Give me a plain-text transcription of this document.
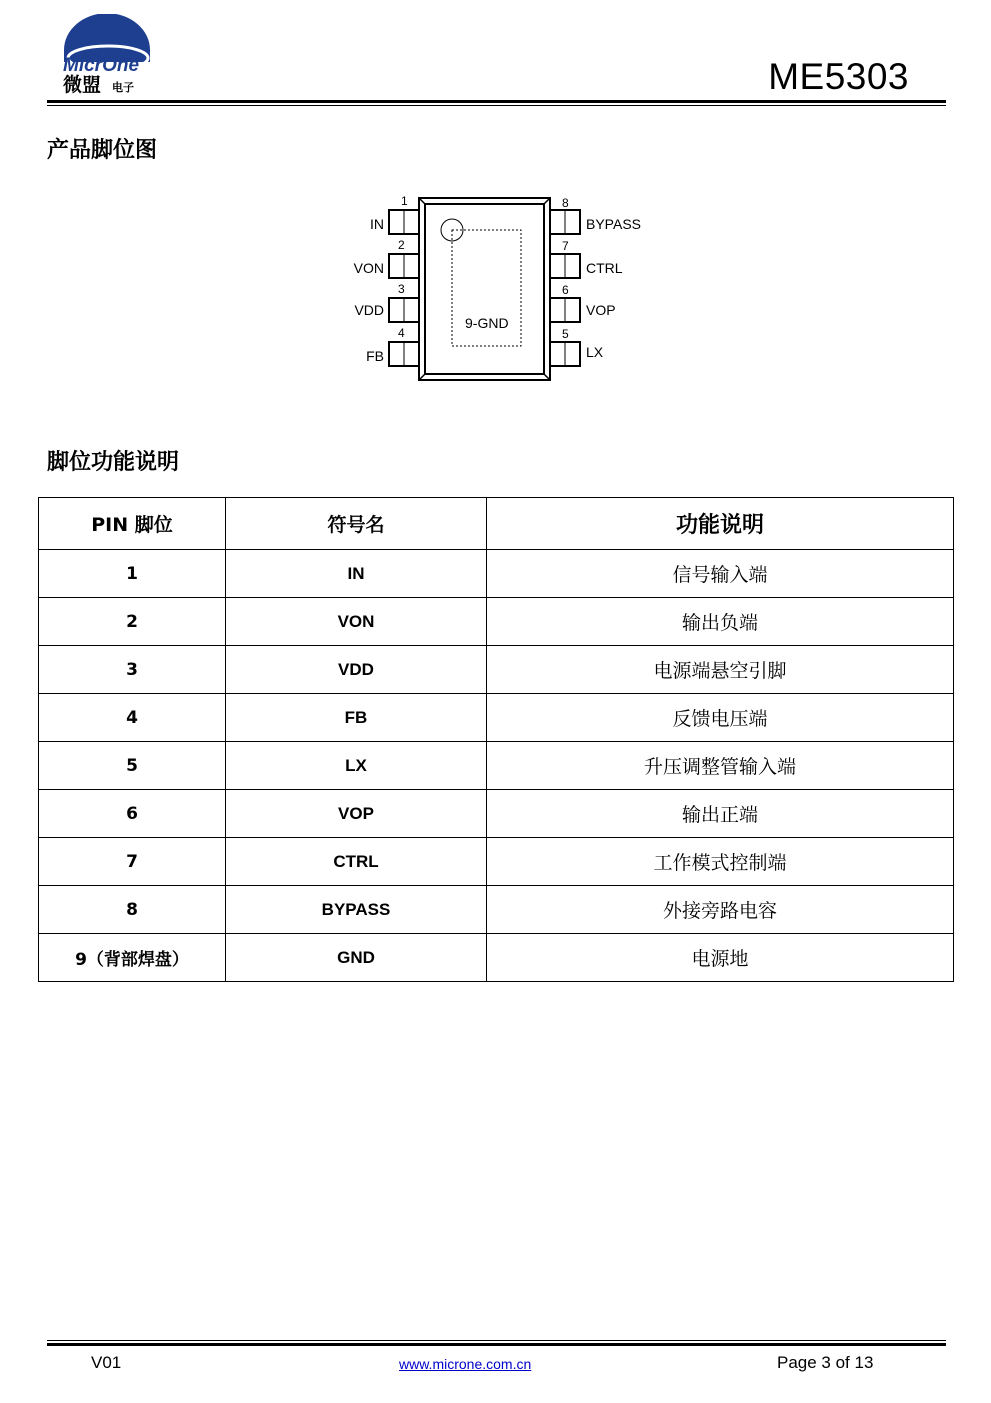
MicrOne
微盟 电子	ME5303
产品脚位图
9-GND
1
IN
2
VON
3
VDD
4
FB
8
BYPASS
7
CTRL
6
VOP
5
LX
脚位功能说明
PIN 脚位	符号名	功能说明
1	IN	信号输入端
2	VON	输出负端
3	VDD	电源端悬空引脚
4	FB	反馈电压端
5	LX	升压调整管输入端
6	VOP	输出正端
7	CTRL	工作模式控制端
8	BYPASS	外接旁路电容
9（背部焊盘）	GND	电源地
V01	www.microne.com.cn	Page 3 of 13
